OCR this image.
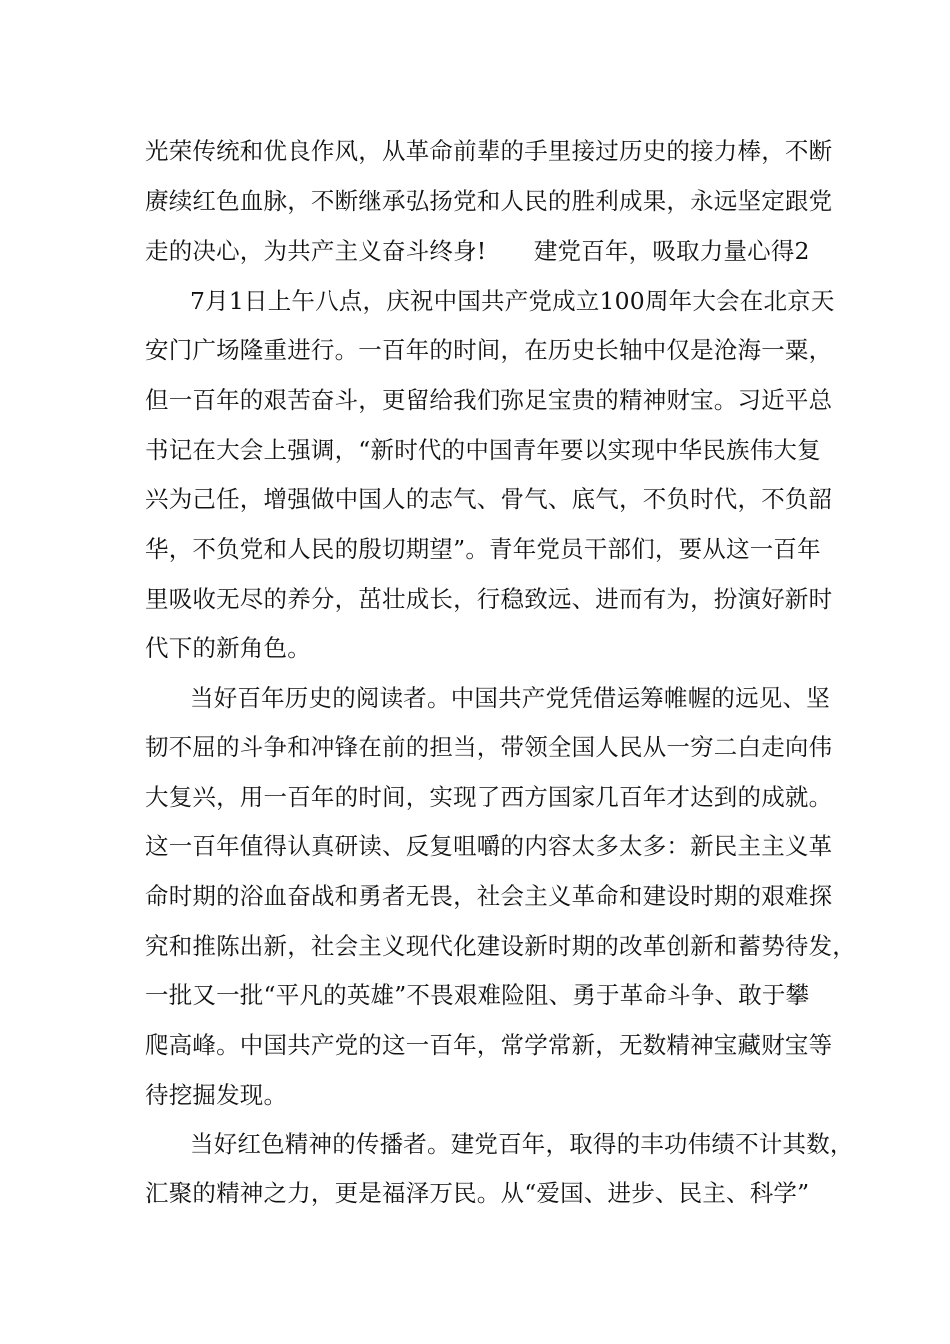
光荣传统和优良作风，从革命前辈的手里接过历史的接力棒，不断
赓续红色血脉，不断继承弘扬党和人民的胜利成果，永远坚定跟党
走的决心，为共产主义奋斗终身!　　建党百年，吸取力量心得2
7月1日上午八点，庆祝中国共产党成立100周年大会在北京天
安门广场隆重进行。一百年的时间，在历史长轴中仅是沧海一粟，
但一百年的艰苦奋斗，更留给我们弥足宝贵的精神财宝。习近平总
书记在大会上强调，“新时代的中国青年要以实现中华民族伟大复
兴为己任，增强做中国人的志气、骨气、底气，不负时代，不负韶
华，不负党和人民的殷切期望”。青年党员干部们，要从这一百年
里吸收无尽的养分，茁壮成长，行稳致远、进而有为，扮演好新时
代下的新角色。
当好百年历史的阅读者。中国共产党凭借运筹帷幄的远见、坚
韧不屈的斗争和冲锋在前的担当，带领全国人民从一穷二白走向伟
大复兴，用一百年的时间，实现了西方国家几百年才达到的成就。
这一百年值得认真研读、反复咀嚼的内容太多太多：新民主主义革
命时期的浴血奋战和勇者无畏，社会主义革命和建设时期的艰难探
究和推陈出新，社会主义现代化建设新时期的改革创新和蓄势待发，
一批又一批“平凡的英雄”不畏艰难险阻、勇于革命斗争、敢于攀
爬高峰。中国共产党的这一百年，常学常新，无数精神宝藏财宝等
待挖掘发现。
当好红色精神的传播者。建党百年，取得的丰功伟绩不计其数，
汇聚的精神之力，更是福泽万民。从“爱国、进步、民主、科学”
